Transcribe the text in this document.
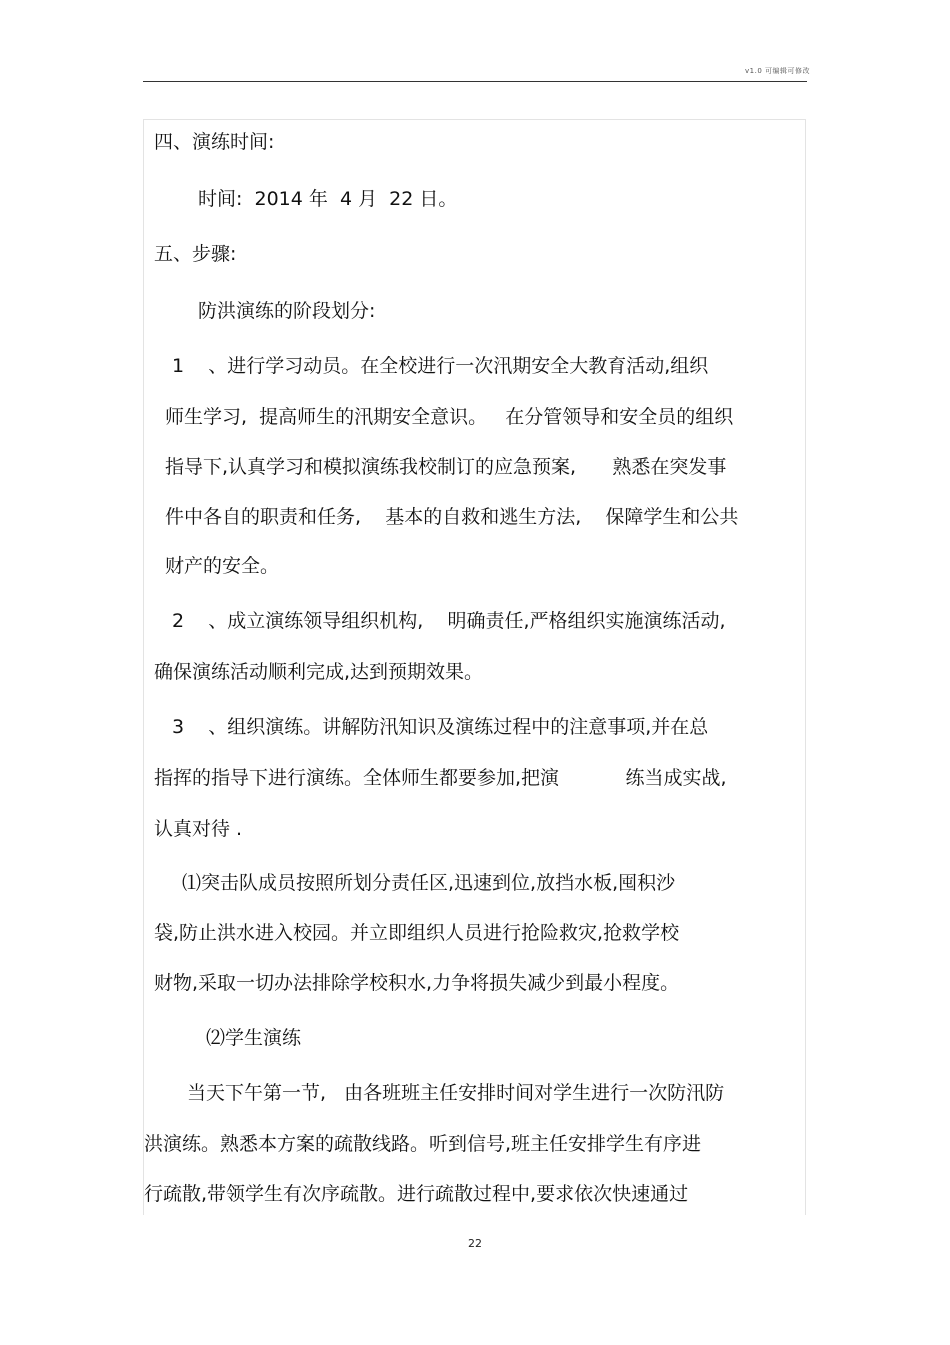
v1.0 可编辑可修改
四、演练时间:
时间:  2014 年  4 月  22 日。
五、步骤:
防洪演练的阶段划分:
1    、进行学习动员。在全校进行一次汛期安全大教育活动,组织
师生学习,  提高师生的汛期安全意识。   在分管领导和安全员的组织
指导下,认真学习和模拟演练我校制订的应急预案,      熟悉在突发事
件中各自的职责和任务,    基本的自救和逃生方法,    保障学生和公共
财产的安全。
2    、成立演练领导组织机构,    明确责任,严格组织实施演练活动,
确保演练活动顺利完成,达到预期效果。
3    、组织演练。讲解防汛知识及演练过程中的注意事项,并在总
指挥的指导下进行演练。全体师生都要参加,把演           练当成实战,
认真对待 .
⑴突击队成员按照所划分责任区,迅速到位,放挡水板,囤积沙
袋,防止洪水进入校园。并立即组织人员进行抢险救灾,抢救学校
财物,采取一切办法排除学校积水,力争将损失减少到最小程度。
⑵学生演练
当天下午第一节,   由各班班主任安排时间对学生进行一次防汛防
洪演练。熟悉本方案的疏散线路。听到信号,班主任安排学生有序进
行疏散,带领学生有次序疏散。进行疏散过程中,要求依次快速通过
22
